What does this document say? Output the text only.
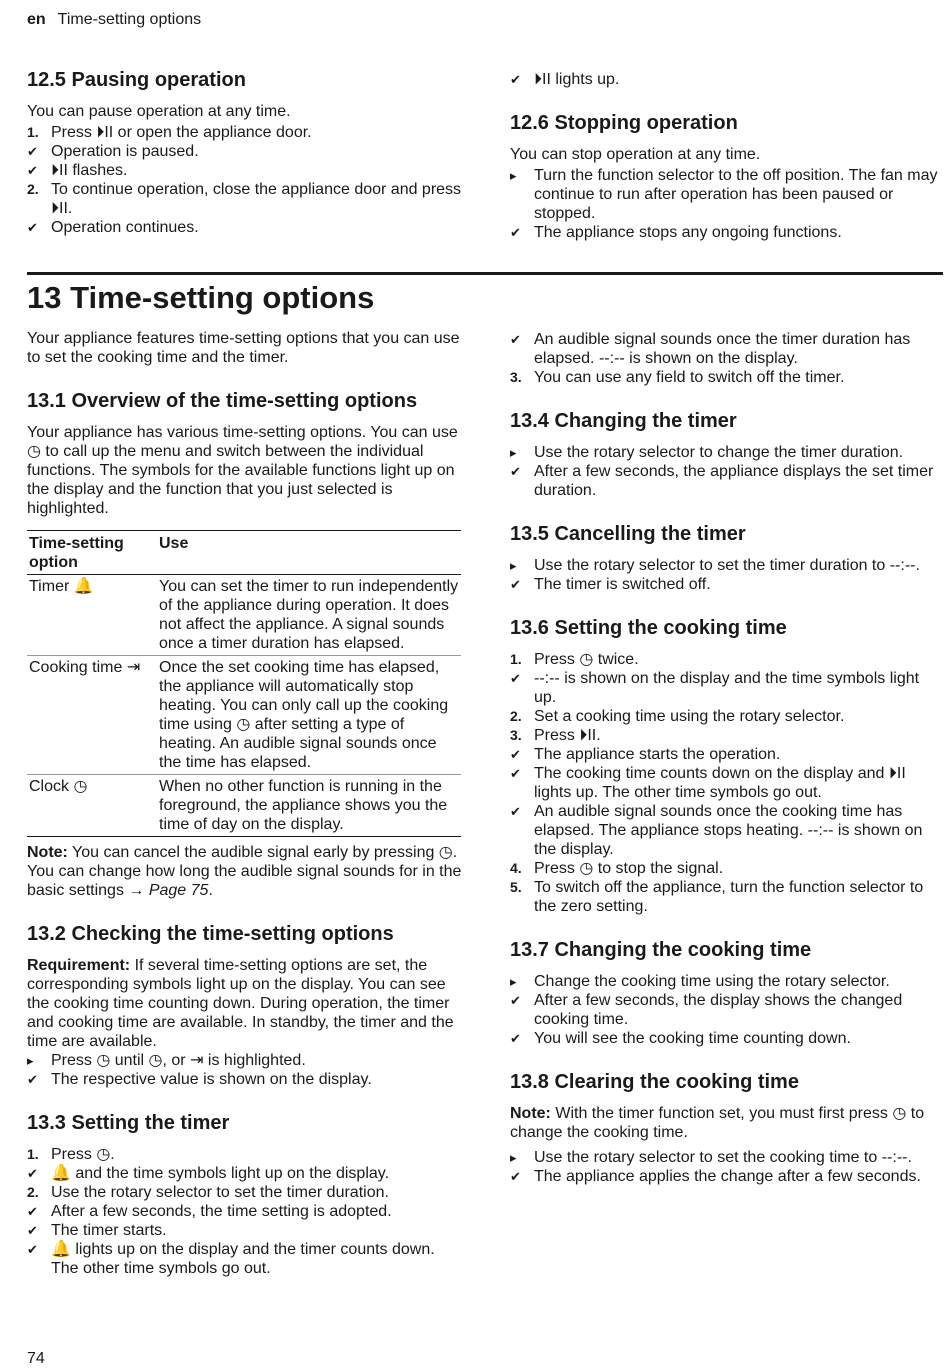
en Time-setting options
12.5 Pausing operation

You can pause operation at any time.

1. Press ⏵II or open the appliance door.
✔ Operation is paused.
✔ ⏵II flashes.
2. To continue operation, close the appliance door and press ⏵II.
✔ Operation continues.
✔ ⏵II lights up.
12.6 Stopping operation

You can stop operation at any time.

▸	Turn the function selector to the off position. The fan may continue to run after operation has been paused or stopped.
✔ The appliance stops any ongoing functions.
13 Time-setting options

Your appliance features time-setting options that you can use to set the cooking time and the timer.

13.1 Overview of the time-setting options

Your appliance has various time-setting options. You can use ◷ to call up the menu and switch between the individual functions. The symbols for the available functions light up on the display and the function that you just selected is highlighted.

Time-setting option	Use
Timer 🔔	You can set the timer to run independently of the appliance during operation. It does not affect the appliance. A signal sounds once a timer duration has elapsed.
Cooking time ⇥	Once the set cooking time has elapsed, the appliance will automatically stop heating. You can only call up the cooking time using ◷ after setting a type of heating. An audible signal sounds once the time has elapsed.
Clock ◷	When no other function is running in the foreground, the appliance shows you the time of day on the display.

Note: You can cancel the audible signal early by pressing ◷. You can change how long the audible signal sounds for in the basic settings → Page 75.

13.2 Checking the time-setting options

Requirement: If several time-setting options are set, the corresponding symbols light up on the display. You can see the cooking time counting down. During operation, the timer and cooking time are available. In standby, the timer and the time are available.

▸	Press ◷ until ◷, or ⇥ is highlighted.
✔ The respective value is shown on the display.
13.3 Setting the timer
1. Press ◷.
✔ 🔔 and the time symbols light up on the display.
2. Use the rotary selector to set the timer duration.
✔ After a few seconds, the time setting is adopted.
✔ The timer starts.
✔ 🔔 lights up on the display and the timer counts down. The other time symbols go out.
✔ An audible signal sounds once the timer duration has elapsed. --:-- is shown on the display.
3. You can use any field to switch off the timer.
13.4 Changing the timer
▸	Use the rotary selector to change the timer duration.
✔ After a few seconds, the appliance displays the set timer duration.
13.5 Cancelling the timer
▸	Use the rotary selector to set the timer duration to --:--.
✔ The timer is switched off.
13.6 Setting the cooking time
1. Press ◷ twice.
✔ --:-- is shown on the display and the time symbols light up.
2. Set a cooking time using the rotary selector.
3. Press ⏵II.
✔ The appliance starts the operation.
✔ The cooking time counts down on the display and ⏵II lights up. The other time symbols go out.
✔ An audible signal sounds once the cooking time has elapsed. The appliance stops heating. --:-- is shown on the display.
4. Press ◷ to stop the signal.
5. To switch off the appliance, turn the function selector to the zero setting.
13.7 Changing the cooking time
▸	Change the cooking time using the rotary selector.
✔ After a few seconds, the display shows the changed cooking time.
✔ You will see the cooking time counting down.
13.8 Clearing the cooking time

Note: With the timer function set, you must first press ◷ to change the cooking time.

▸	Use the rotary selector to set the cooking time to --:--.
✔ The appliance applies the change after a few seconds.
74
